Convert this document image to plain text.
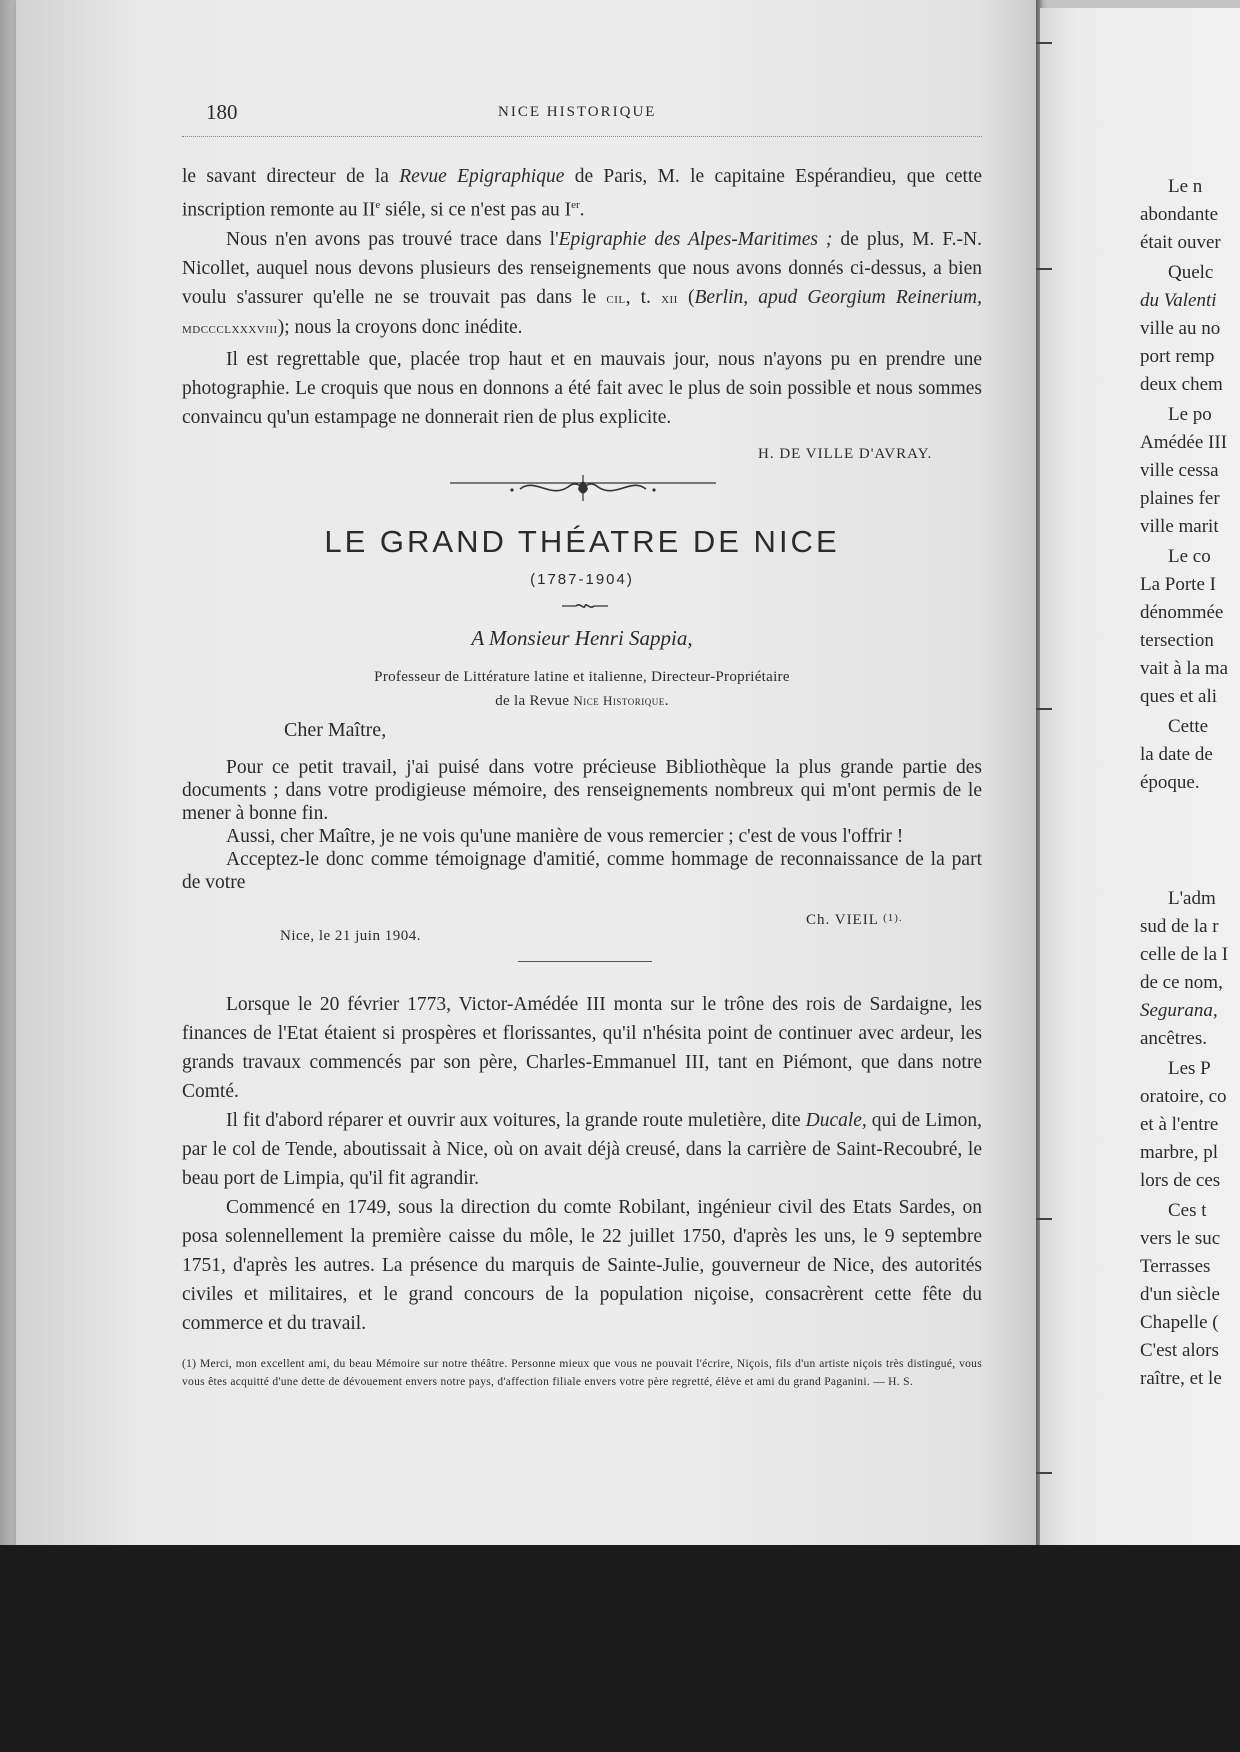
180	NICE HISTORIQUE

le savant directeur de la Revue Epigraphique de Paris, M. le capitaine Espérandieu, que cette inscription remonte au IIe siéle, si ce n'est pas au Ier.

Nous n'en avons pas trouvé trace dans l'Epigraphie des Alpes-Maritimes ; de plus, M. F.-N. Nicollet, auquel nous devons plusieurs des renseignements que nous avons donnés ci-dessus, a bien voulu s'assurer qu'elle ne se trouvait pas dans le cil, t. xii (Berlin, apud Georgium Reinerium, mdccclxxxviii); nous la croyons donc inédite.

Il est regrettable que, placée trop haut et en mauvais jour, nous n'ayons pu en prendre une photographie. Le croquis que nous en donnons a été fait avec le plus de soin possible et nous sommes convaincu qu'un estampage ne donnerait rien de plus explicite.

H. DE VILLE D'AVRAY.
LE GRAND THÉATRE DE NICE
(1787-1904)
A Monsieur Henri Sappia,
Professeur de Littérature latine et italienne, Directeur-Propriétaire
de la Revue Nice Historique.
Cher Maître,

Pour ce petit travail, j'ai puisé dans votre précieuse Bibliothèque la plus grande partie des documents ; dans votre prodigieuse mémoire, des renseignements nombreux qui m'ont permis de le mener à bonne fin.

Aussi, cher Maître, je ne vois qu'une manière de vous remercier ; c'est de vous l'offrir !

Acceptez-le donc comme témoignage d'amitié, comme hommage de reconnaissance de la part de votre

Ch. VIEIL $^{(1).}$
Nice, le 21 juin 1904.

Lorsque le 20 février 1773, Victor-Amédée III monta sur le trône des rois de Sardaigne, les finances de l'Etat étaient si prospères et florissantes, qu'il n'hésita point de continuer avec ardeur, les grands travaux commencés par son père, Charles-Emmanuel III, tant en Piémont, que dans notre Comté.

Il fit d'abord réparer et ouvrir aux voitures, la grande route muletière, dite Ducale, qui de Limon, par le col de Tende, aboutissait à Nice, où on avait déjà creusé, dans la carrière de Saint-Recoubré, le beau port de Limpia, qu'il fit agrandir.

Commencé en 1749, sous la direction du comte Robilant, ingénieur civil des Etats Sardes, on posa solennellement la première caisse du môle, le 22 juillet 1750, d'après les uns, le 9 septembre 1751, d'après les autres. La présence du marquis de Sainte-Julie, gouverneur de Nice, des autorités civiles et militaires, et le grand concours de la population niçoise, consacrèrent cette fête du commerce et du travail.

(1) Merci, mon excellent ami, du beau Mémoire sur notre théâtre. Personne mieux que vous ne pouvait l'écrire, Niçois, fils d'un artiste niçois très distingué, vous vous êtes acquitté d'une dette de dévouement envers notre pays, d'affection filiale envers votre père regretté, élève et ami du grand Paganini. — H. S.
Le n
abondante
était ouver
Quelc
du Valenti
ville au no
port remp
deux chem
Le po
Amédée III
ville cessa
plaines fer
ville marit
Le co
La Porte I
dénommée
tersection
vait à la ma
ques et ali
Cette
la date de
époque.
L'adm
sud de la r
celle de la I
de ce nom,
Segurana,
ancêtres.
Les P
oratoire, co
et à l'entre
marbre, pl
lors de ces
Ces t
vers le suc
Terrasses
d'un siècle
Chapelle (
C'est alors
raître, et le
